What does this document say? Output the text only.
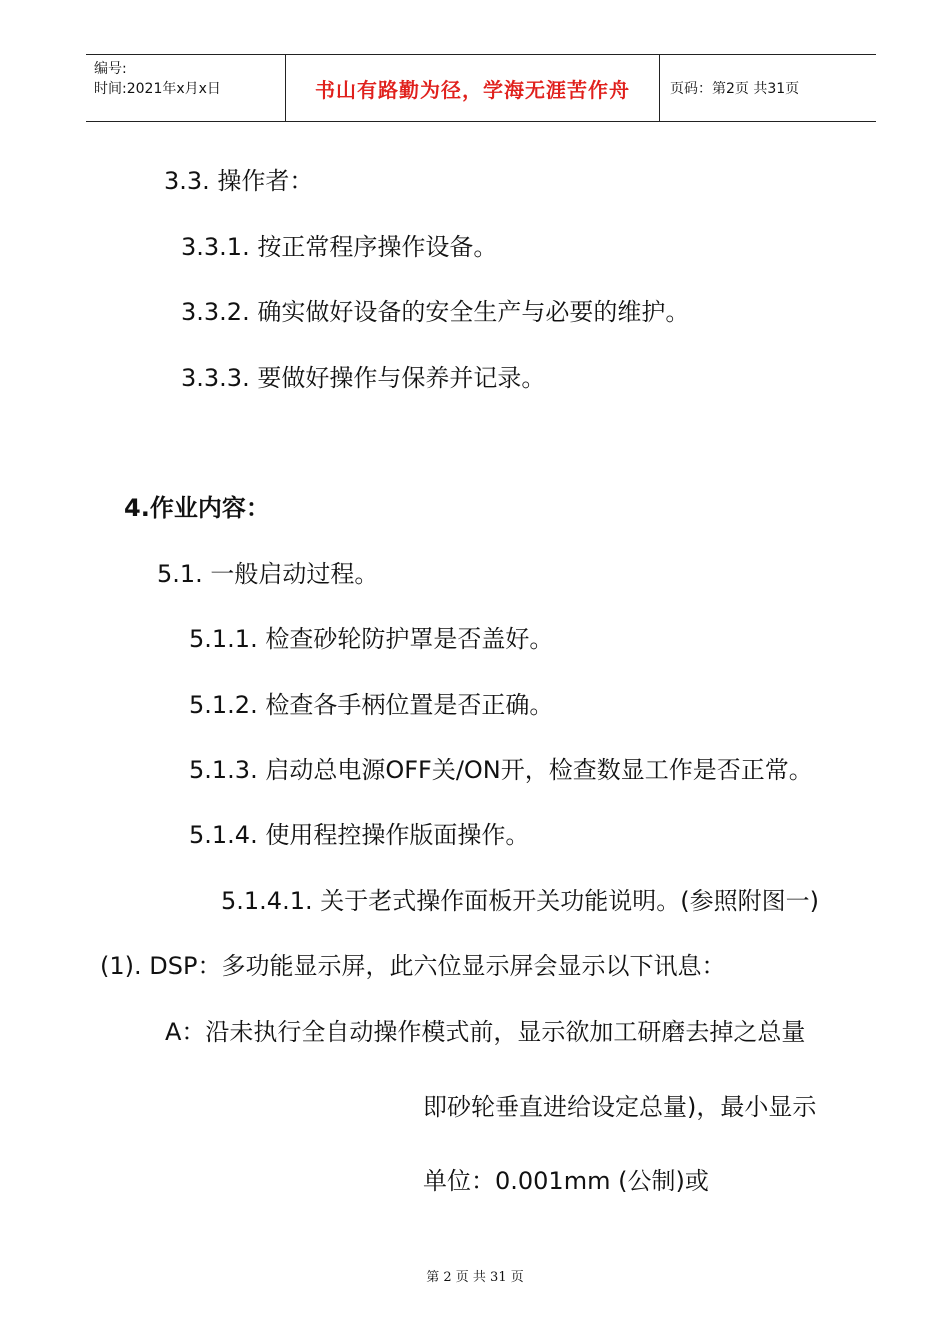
编号:
时间:2021年x月x日	书山有路勤为径，学海无涯苦作舟	页码：第2页 共31页
3.3. 操作者：
3.3.1. 按正常程序操作设备。
3.3.2. 确实做好设备的安全生产与必要的维护。
3.3.3. 要做好操作与保养并记录。
4.作业内容：
5.1. 一般启动过程。
5.1.1. 检查砂轮防护罩是否盖好。
5.1.2. 检查各手柄位置是否正确。
5.1.3. 启动总电源OFF关/ON开，检查数显工作是否正常。
5.1.4. 使用程控操作版面操作。
5.1.4.1. 关于老式操作面板开关功能说明。(参照附图一)
(1). DSP：多功能显示屏，此六位显示屏会显示以下讯息：
A：沿未执行全自动操作模式前，显示欲加工研磨去掉之总量
即砂轮垂直进给设定总量)，最小显示
单位：0.001mm (公制)或
第 2 页 共 31 页
